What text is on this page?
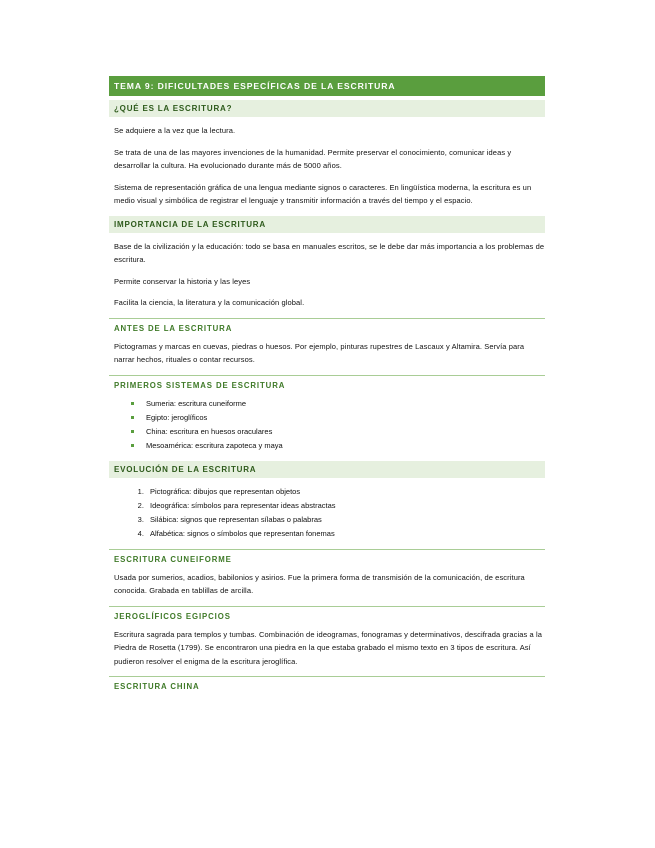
TEMA 9: DIFICULTADES ESPECÍFICAS DE LA ESCRITURA
¿QUÉ ES LA ESCRITURA?

Se adquiere a la vez que la lectura.

Se trata de una de las mayores invenciones de la humanidad. Permite preservar el conocimiento, comunicar ideas y desarrollar la cultura. Ha evolucionado durante más de 5000 años.

Sistema de representación gráfica de una lengua mediante signos o caracteres. En lingüística moderna, la escritura es un medio visual y simbólica de registrar el lenguaje y transmitir información a través del tiempo y el espacio.

IMPORTANCIA DE LA ESCRITURA

Base de la civilización y la educación: todo se basa en manuales escritos, se le debe dar más importancia a los problemas de escritura.

Permite conservar la historia y las leyes

Facilita la ciencia, la literatura y la comunicación global.

ANTES DE LA ESCRITURA

Pictogramas y marcas en cuevas, piedras o huesos. Por ejemplo, pinturas rupestres de Lascaux y Altamira. Servía para narrar hechos, rituales o contar recursos.

PRIMEROS SISTEMAS DE ESCRITURA
Sumeria: escritura cuneiforme
Egipto: jeroglíficos
China: escritura en huesos oraculares
Mesoamérica: escritura zapoteca y maya
EVOLUCIÓN DE LA ESCRITURA
1. Pictográfica: dibujos que representan objetos
2. Ideográfica: símbolos para representar ideas abstractas
3. Silábica: signos que representan sílabas o palabras
4. Alfabética: signos o símbolos que representan fonemas
ESCRITURA CUNEIFORME

Usada por sumerios, acadios, babilonios y asirios. Fue la primera forma de transmisión de la comunicación, de escritura conocida. Grabada en tablillas de arcilla.

JEROGLÍFICOS EGIPCIOS

Escritura sagrada para templos y tumbas. Combinación de ideogramas, fonogramas y determinativos, descifrada gracias a la Piedra de Rosetta (1799). Se encontraron una piedra en la que estaba grabado el mismo texto en 3 tipos de escritura. Así pudieron resolver el enigma de la escritura jeroglífica.

ESCRITURA CHINA
